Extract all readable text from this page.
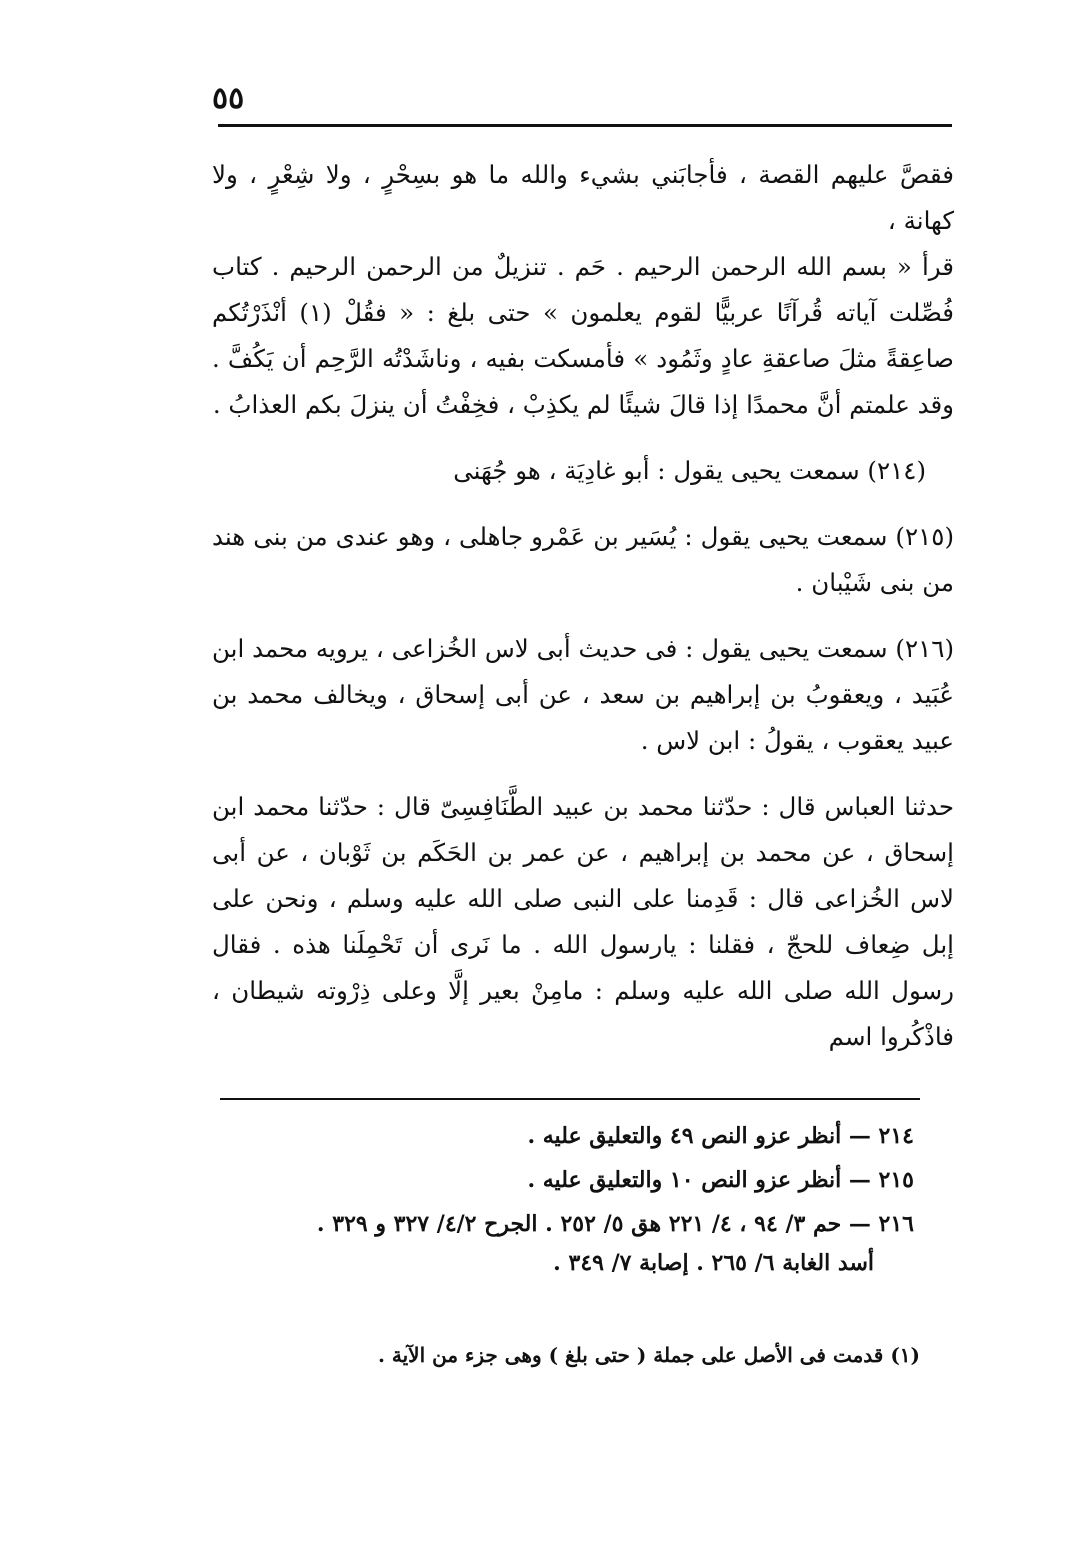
٥٥

فقصَّ عليهم القصة ، فأجابَني بشيء والله ما هو بسِحْرٍ ، ولا شِعْرٍ ، ولا كهانة ،

قرأ « بسم الله الرحمن الرحيم . حَم . تنزيلٌ من الرحمن الرحيم . كتاب فُصِّلت آياته قُرآنًا عربيًّا لقوم يعلمون » حتى بلغ : « فقُلْ (١) أنْذَرْتُكم صاعِقةً مثلَ صاعقةِ عادٍ وثَمُود » فأمسكت بفيه ، وناشَدْتُه الرَّحِم أن يَكُفَّ . وقد علمتم أنَّ محمدًا إذا قالَ شيئًا لم يكذِبْ ، فخِفْتُ أن ينزلَ بكم العذابُ .

(٢١٤) سمعت يحيى يقول : أبو غادِيَة ، هو جُهَنى

(٢١٥) سمعت يحيى يقول : يُسَير بن عَمْرو جاهلى ، وهو عندى من بنى هند من بنى شَيْبان .

(٢١٦) سمعت يحيى يقول : فى حديث أبى لاس الخُزاعى ، يرويه محمد ابن عُبَيد ، ويعقوبُ بن إبراهيم بن سعد ، عن أبى إسحاق ، ويخالف محمد بن عبيد يعقوب ، يقولُ : ابن لاس .

حدثنا العباس قال : حدّثنا محمد بن عبيد الطَّنَافِسِىّ قال : حدّثنا محمد ابن إسحاق ، عن محمد بن إبراهيم ، عن عمر بن الحَكَم بن ثَوْبان ، عن أبى لاس الخُزاعى قال : قَدِمنا على النبى صلى الله عليه وسلم ، ونحن على إبل ضِعاف للحجّ ، فقلنا : يارسول الله . ما نَرى أن تَحْمِلَنا هذه . فقال رسول الله صلى الله عليه وسلم : مامِنْ بعير إلَّا وعلى ذِرْوته شيطان ، فاذْكُروا اسم

٢١٤ — أنظر عزو النص ٤٩ والتعليق عليه .

٢١٥ — أنظر عزو النص ١٠ والتعليق عليه .

٢١٦ — حم ٣/ ٩٤ ، ٤/ ٢٢١ هق ٥/ ٢٥٢ . الجرح ٤/٢/ ٣٢٧ و ٣٢٩ .

أسد الغابة ٦/ ٢٦٥ . إصابة ٧/ ٣٤٩ .

(١) قدمت فى الأصل على جملة ( حتى بلغ ) وهى جزء من الآية .
